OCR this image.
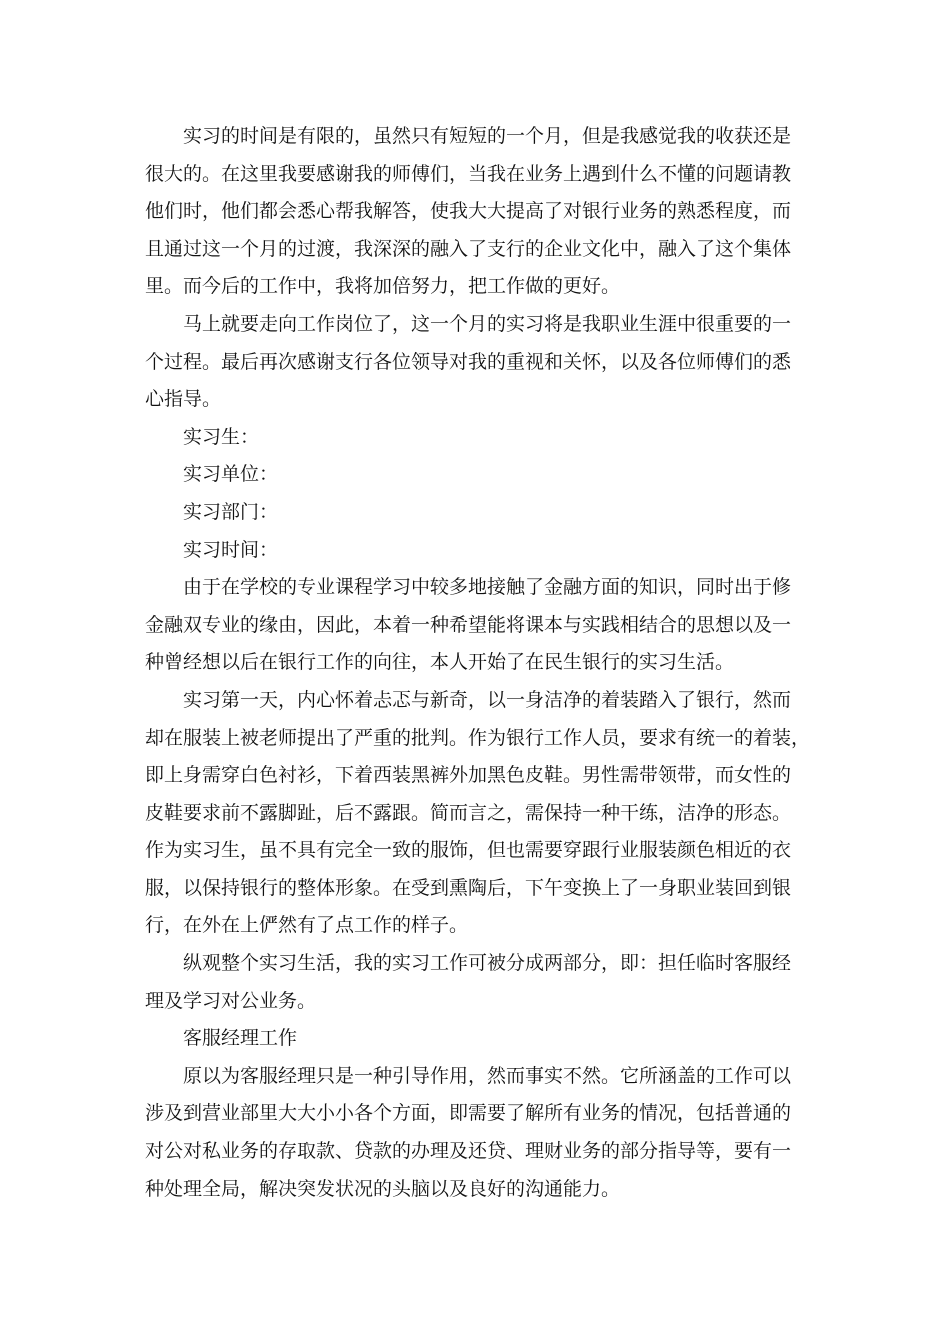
实习的时间是有限的，虽然只有短短的一个月，但是我感觉我的收获还是
很大的。在这里我要感谢我的师傅们，当我在业务上遇到什么不懂的问题请教
他们时，他们都会悉心帮我解答，使我大大提高了对银行业务的熟悉程度，而
且通过这一个月的过渡，我深深的融入了支行的企业文化中，融入了这个集体
里。而今后的工作中，我将加倍努力，把工作做的更好。

马上就要走向工作岗位了，这一个月的实习将是我职业生涯中很重要的一
个过程。最后再次感谢支行各位领导对我的重视和关怀，以及各位师傅们的悉
心指导。

实习生：

实习单位：

实习部门：

实习时间：

由于在学校的专业课程学习中较多地接触了金融方面的知识，同时出于修
金融双专业的缘由，因此，本着一种希望能将课本与实践相结合的思想以及一
种曾经想以后在银行工作的向往，本人开始了在民生银行的实习生活。

实习第一天，内心怀着忐忑与新奇，以一身洁净的着装踏入了银行，然而
却在服装上被老师提出了严重的批判。作为银行工作人员，要求有统一的着装，
即上身需穿白色衬衫，下着西装黑裤外加黑色皮鞋。男性需带领带，而女性的
皮鞋要求前不露脚趾，后不露跟。简而言之，需保持一种干练，洁净的形态。
作为实习生，虽不具有完全一致的服饰，但也需要穿跟行业服装颜色相近的衣
服，以保持银行的整体形象。在受到熏陶后，下午变换上了一身职业装回到银
行，在外在上俨然有了点工作的样子。

纵观整个实习生活，我的实习工作可被分成两部分，即：担任临时客服经
理及学习对公业务。

客服经理工作

原以为客服经理只是一种引导作用，然而事实不然。它所涵盖的工作可以
涉及到营业部里大大小小各个方面，即需要了解所有业务的情况，包括普通的
对公对私业务的存取款、贷款的办理及还贷、理财业务的部分指导等，要有一
种处理全局，解决突发状况的头脑以及良好的沟通能力。
